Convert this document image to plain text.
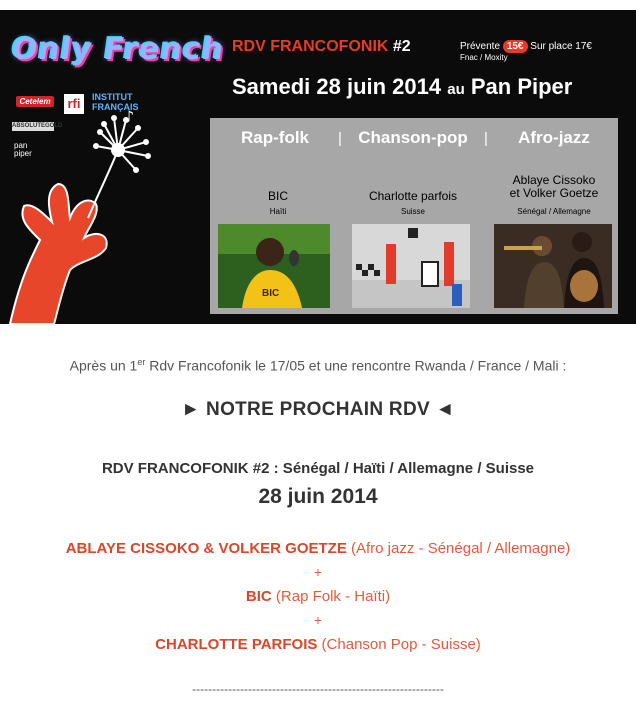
Only French
Cetelem rfi	INSTITUT FRANÇAIS
ABSOLUTEGOLD
pan piper
♪
RDV FRANCOFONIK #2	Prévente 15€ Sur place 17€
Fnac / Moxity
Samedi 28 juin 2014 au Pan Piper
Rap-folk	| Chanson-pop	|	Afro-jazz
BIC
Haïti
Charlotte parfois
Suisse
Ablaye Cissoko
et Volker Goetze
Sénégal / Allemagne
BIC
Après un 1er Rdv Francofonik le 17/05 et une rencontre Rwanda / France / Mali :
► NOTRE PROCHAIN RDV ◄
RDV FRANCOFONIK #2 : Sénégal / Haïti / Allemagne / Suisse
28 juin 2014
ABLAYE CISSOKO & VOLKER GOETZE (Afro jazz - Sénégal / Allemagne)
+
BIC (Rap Folk - Haïti)
+
CHARLOTTE PARFOIS (Chanson Pop - Suisse)
---------------------------------------------------------------
